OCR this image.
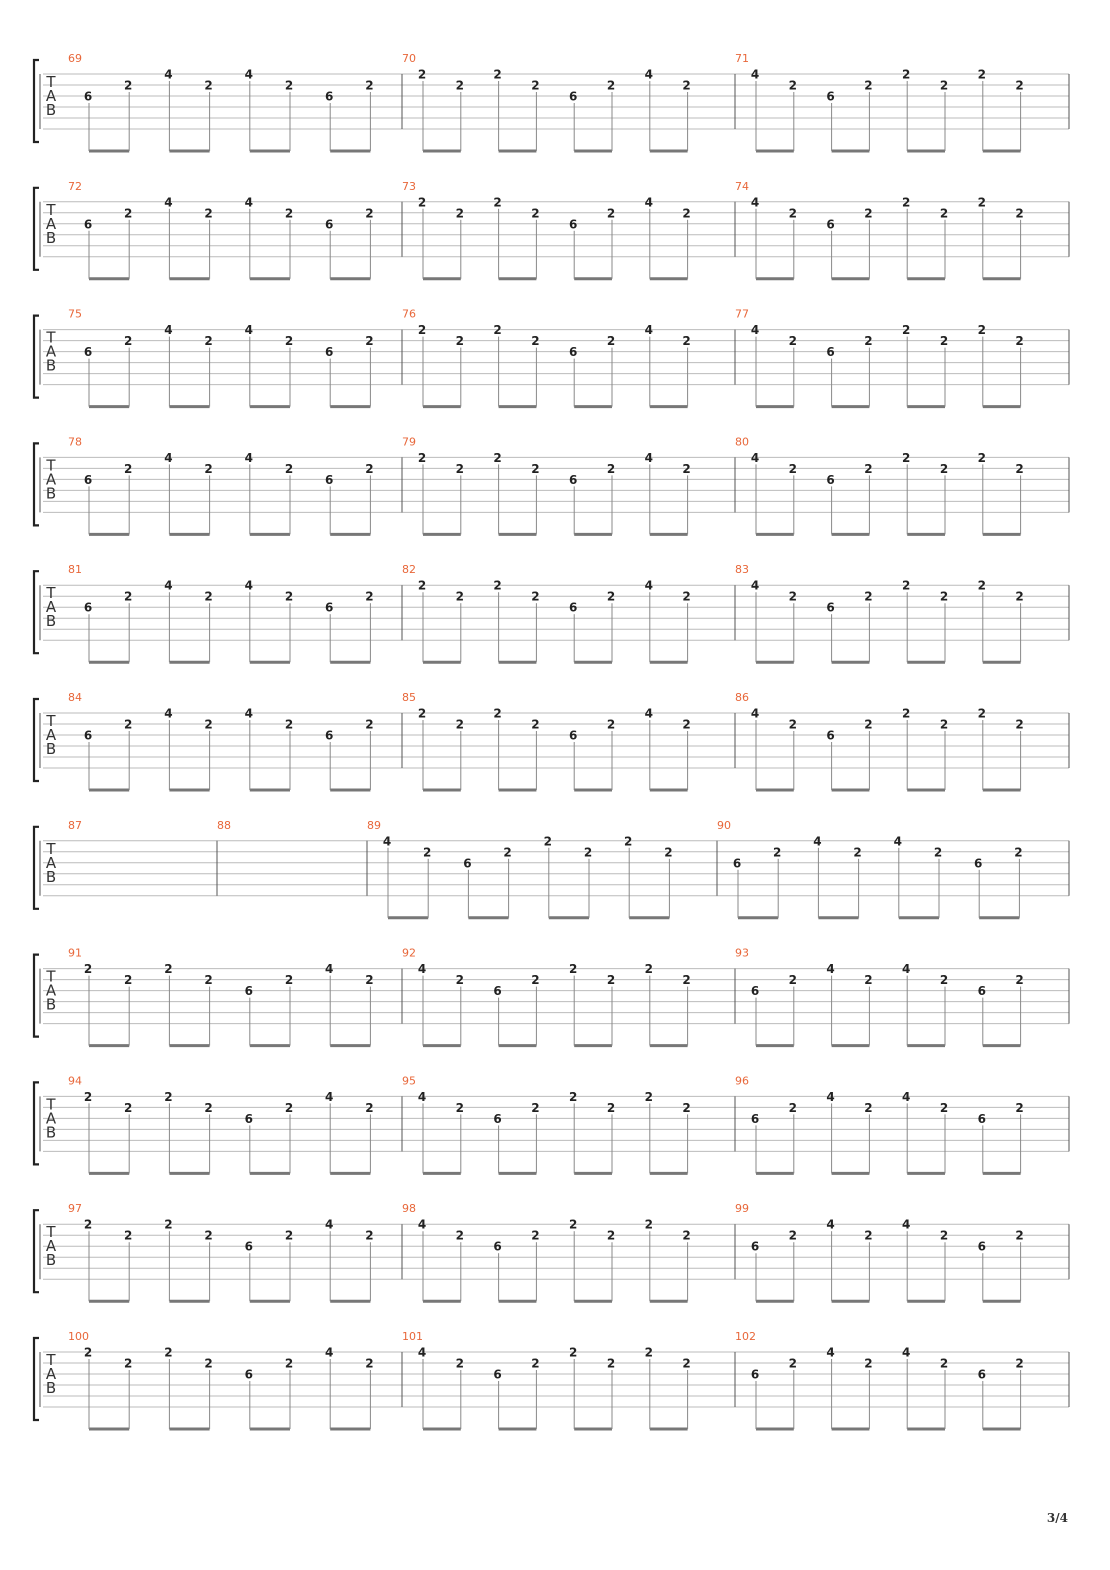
3/4
T
A
B
69
6
2
4
2
4
2
6
2
70
2
2
2
2
6
2
4
2
71
4
2
6
2
2
2
2
2
T
A
B
72
6
2
4
2
4
2
6
2
73
2
2
2
2
6
2
4
2
74
4
2
6
2
2
2
2
2
T
A
B
75
6
2
4
2
4
2
6
2
76
2
2
2
2
6
2
4
2
77
4
2
6
2
2
2
2
2
T
A
B
78
6
2
4
2
4
2
6
2
79
2
2
2
2
6
2
4
2
80
4
2
6
2
2
2
2
2
T
A
B
81
6
2
4
2
4
2
6
2
82
2
2
2
2
6
2
4
2
83
4
2
6
2
2
2
2
2
T
A
B
84
6
2
4
2
4
2
6
2
85
2
2
2
2
6
2
4
2
86
4
2
6
2
2
2
2
2
T
A
B
87	88	89
4
2
6
2
2
2
2
2
90
6
2
4
2
4
2
6
2
T
A
B
91
2
2
2
2
6
2
4
2
92
4
2
6
2
2
2
2
2
93
6
2
4
2
4
2
6
2
T
A
B
94
2
2
2
2
6
2
4
2
95
4
2
6
2
2
2
2
2
96
6
2
4
2
4
2
6
2
T
A
B
97
2
2
2
2
6
2
4
2
98
4
2
6
2
2
2
2
2
99
6
2
4
2
4
2
6
2
T
A
B
100
2
2
2
2
6
2
4
2
101
4
2
6
2
2
2
2
2
102
6
2
4
2
4
2
6
2
